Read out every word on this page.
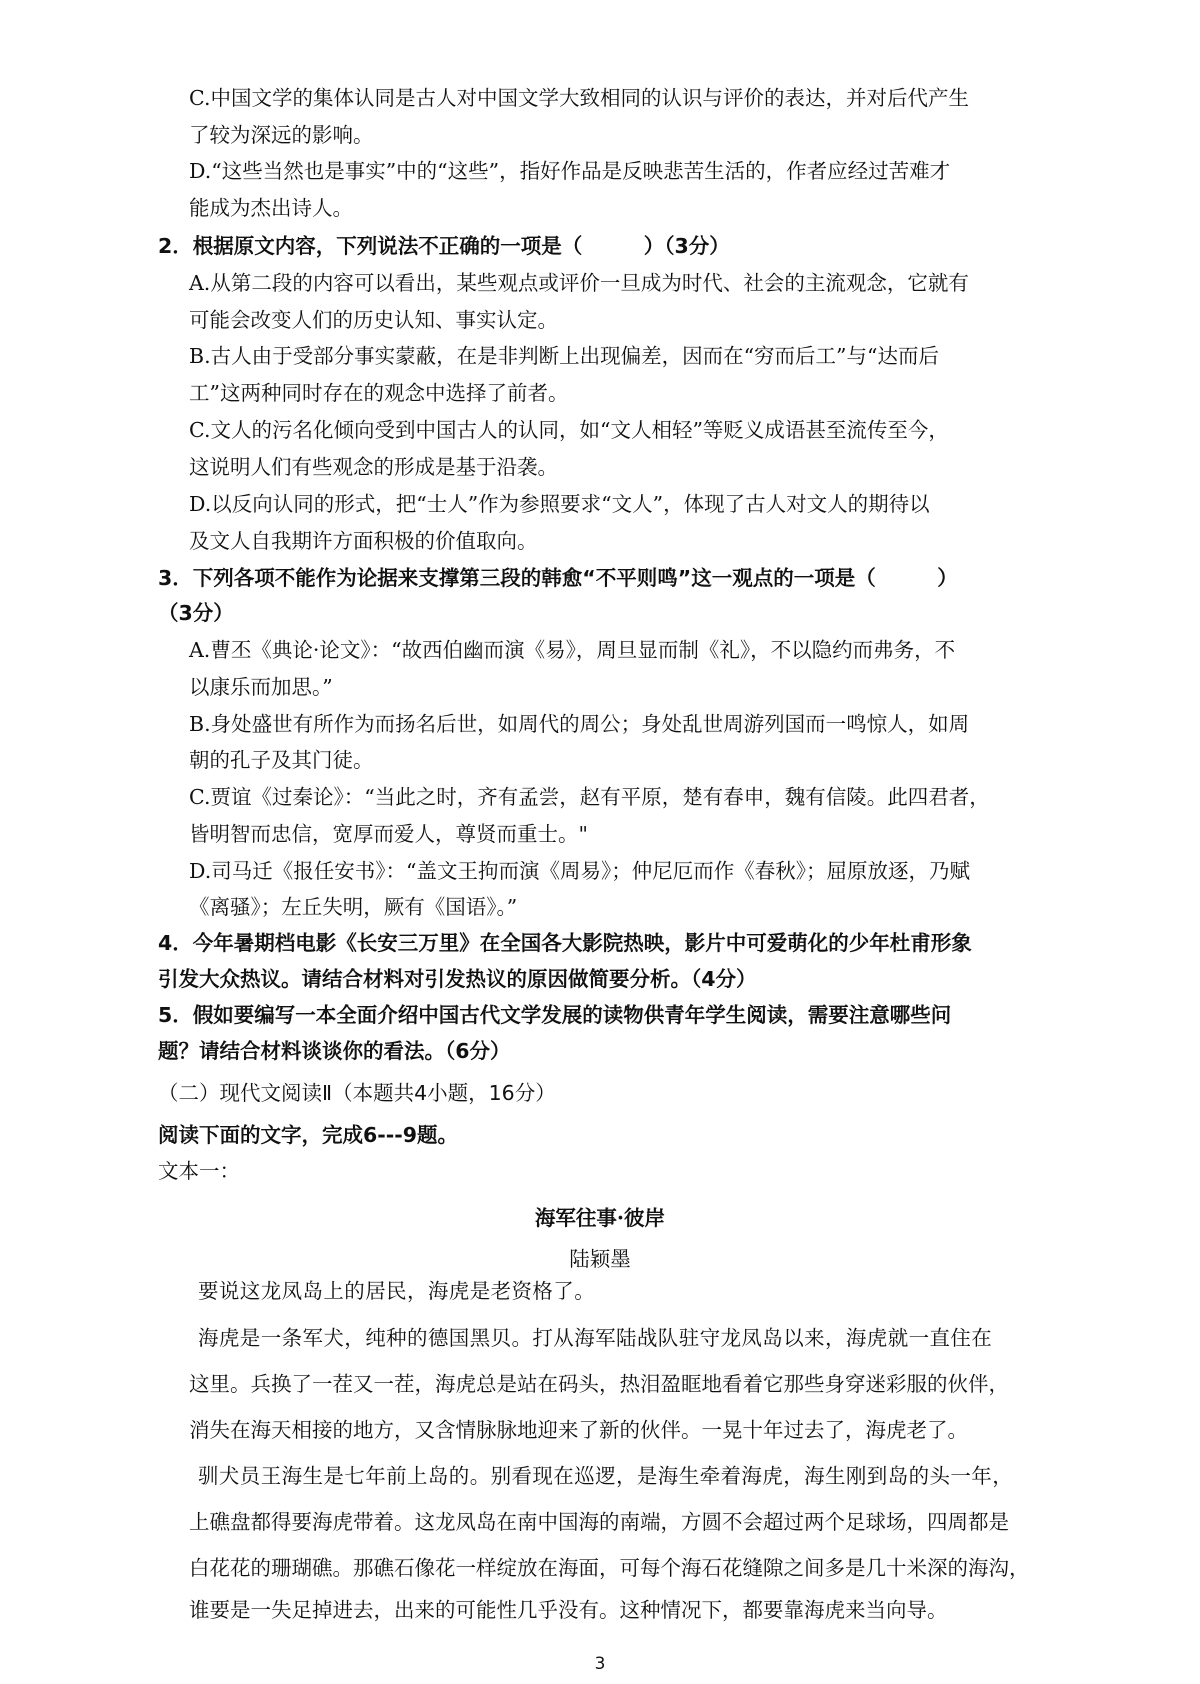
C.中国文学的集体认同是古人对中国文学大致相同的认识与评价的表达，并对后代产生
了较为深远的影响。
D.“这些当然也是事实”中的“这些”，指好作品是反映悲苦生活的，作者应经过苦难才
能成为杰出诗人。
2．根据原文内容，下列说法不正确的一项是（　　　）（3分）
A.从第二段的内容可以看出，某些观点或评价一旦成为时代、社会的主流观念，它就有
可能会改变人们的历史认知、事实认定。
B.古人由于受部分事实蒙蔽，在是非判断上出现偏差，因而在“穷而后工”与“达而后
工”这两种同时存在的观念中选择了前者。
C.文人的污名化倾向受到中国古人的认同，如“文人相轻”等贬义成语甚至流传至今，
这说明人们有些观念的形成是基于沿袭。
D.以反向认同的形式，把“士人”作为参照要求“文人”，体现了古人对文人的期待以
及文人自我期许方面积极的价值取向。
3．下列各项不能作为论据来支撑第三段的韩愈“不平则鸣”这一观点的一项是（　　　）
（3分）
A.曹丕《典论·论文》：“故西伯幽而演《易》，周旦显而制《礼》，不以隐约而弗务，不
以康乐而加思。”
B.身处盛世有所作为而扬名后世，如周代的周公；身处乱世周游列国而一鸣惊人，如周
朝的孔子及其门徒。
C.贾谊《过秦论》：“当此之时，齐有孟尝，赵有平原，楚有春申，魏有信陵。此四君者，
皆明智而忠信，宽厚而爱人，尊贤而重士。"
D.司马迁《报任安书》：“盖文王拘而演《周易》；仲尼厄而作《春秋》；屈原放逐，乃赋
《离骚》；左丘失明，厥有《国语》。”
4．今年暑期档电影《长安三万里》在全国各大影院热映，影片中可爱萌化的少年杜甫形象
引发大众热议。请结合材料对引发热议的原因做简要分析。（4分）
5．假如要编写一本全面介绍中国古代文学发展的读物供青年学生阅读，需要注意哪些问
题？请结合材料谈谈你的看法。（6分）
（二）现代文阅读Ⅱ（本题共4小题，16分）
阅读下面的文字，完成6---9题。
文本一：
海军往事·彼岸
陆颖墨
要说这龙凤岛上的居民，海虎是老资格了。
海虎是一条军犬，纯种的德国黑贝。打从海军陆战队驻守龙凤岛以来，海虎就一直住在
这里。兵换了一茬又一茬，海虎总是站在码头，热泪盈眶地看着它那些身穿迷彩服的伙伴，
消失在海天相接的地方，又含情脉脉地迎来了新的伙伴。一晃十年过去了，海虎老了。
驯犬员王海生是七年前上岛的。别看现在巡逻，是海生牵着海虎，海生刚到岛的头一年，
上礁盘都得要海虎带着。这龙凤岛在南中国海的南端，方圆不会超过两个足球场，四周都是
白花花的珊瑚礁。那礁石像花一样绽放在海面，可每个海石花缝隙之间多是几十米深的海沟，
谁要是一失足掉进去，出来的可能性几乎没有。这种情况下，都要靠海虎来当向导。
3
